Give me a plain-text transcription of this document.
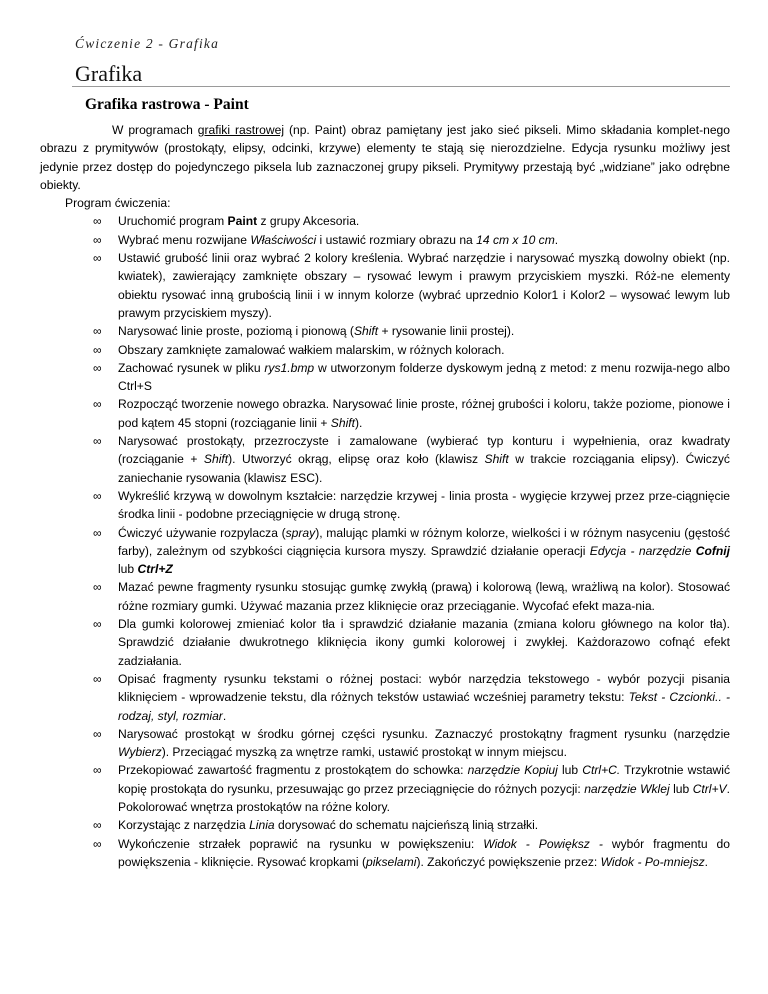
Ćwiczenie 2 - Grafika
Grafika
Grafika rastrowa - Paint

W programach grafiki rastrowej (np. Paint) obraz pamiętany jest jako sieć pikseli. Mimo składania komplet-nego obrazu z prymitywów (prostokąty, elipsy, odcinki, krzywe) elementy te stają się nierozdzielne. Edycja rysunku możliwy jest jedynie przez dostęp do pojedynczego piksela lub zaznaczonej grupy pikseli. Prymitywy przestają być „widziane” jako odrębne obiekty.

Program ćwiczenia:

∞ Uruchomić program Paint z grupy Akcesoria.
∞ Wybrać menu rozwijane Właściwości i ustawić rozmiary obrazu na 14 cm x 10 cm.
∞ Ustawić grubość linii oraz wybrać 2 kolory kreślenia. Wybrać narzędzie i narysować myszką dowolny obiekt (np. kwiatek), zawierający zamknięte obszary – rysować lewym i prawym przyciskiem myszki. Róż-ne elementy obiektu rysować inną grubością linii i w innym kolorze (wybrać uprzednio Kolor1 i Kolor2 – wysować lewym lub prawym przyciskiem myszy).
∞ Narysować linie proste, poziomą i pionową (Shift + rysowanie linii prostej).
∞ Obszary zamknięte zamalować wałkiem malarskim, w różnych kolorach.
∞ Zachować rysunek w pliku rys1.bmp w utworzonym folderze dyskowym jedną z metod: z menu rozwija-nego albo Ctrl+S
∞ Rozpocząć tworzenie nowego obrazka. Narysować linie proste, różnej grubości i koloru, także poziome, pionowe i pod kątem 45 stopni (rozciąganie linii + Shift).
∞ Narysować prostokąty, przezroczyste i zamalowane (wybierać typ konturu i wypełnienia, oraz kwadraty (rozciąganie + Shift). Utworzyć okrąg, elipsę oraz koło (klawisz Shift w trakcie rozciągania elipsy). Ćwiczyć zaniechanie rysowania (klawisz ESC).
∞ Wykreślić krzywą w dowolnym kształcie: narzędzie krzywej - linia prosta - wygięcie krzywej przez prze-ciągnięcie środka linii - podobne przeciągnięcie w drugą stronę.
∞ Ćwiczyć używanie rozpylacza (spray), malując plamki w różnym kolorze, wielkości i w różnym nasyceniu (gęstość farby), zależnym od szybkości ciągnięcia kursora myszy. Sprawdzić działanie operacji Edycja - narzędzie Cofnij lub Ctrl+Z
∞ Mazać pewne fragmenty rysunku stosując gumkę zwykłą (prawą) i kolorową (lewą, wrażliwą na kolor). Stosować różne rozmiary gumki. Używać mazania przez kliknięcie oraz przeciąganie. Wycofać efekt maza-nia.
∞ Dla gumki kolorowej zmieniać kolor tła i sprawdzić działanie mazania (zmiana koloru głównego na kolor tła). Sprawdzić działanie dwukrotnego kliknięcia ikony gumki kolorowej i zwykłej. Każdorazowo cofnąć efekt zadziałania.
∞ Opisać fragmenty rysunku tekstami o różnej postaci: wybór narzędzia tekstowego - wybór pozycji pisania kliknięciem - wprowadzenie tekstu, dla różnych tekstów ustawiać wcześniej parametry tekstu: Tekst - Czcionki.. - rodzaj, styl, rozmiar.
∞ Narysować prostokąt w środku górnej części rysunku. Zaznaczyć prostokątny fragment rysunku (narzędzie Wybierz). Przeciągać myszką za wnętrze ramki, ustawić prostokąt w innym miejscu.
∞ Przekopiować zawartość fragmentu z prostokątem do schowka: narzędzie Kopiuj lub Ctrl+C. Trzykrotnie wstawić kopię prostokąta do rysunku, przesuwając go przez przeciągnięcie do różnych pozycji: narzędzie Wklej lub Ctrl+V. Pokolorować wnętrza prostokątów na różne kolory.
∞ Korzystając z narzędzia Linia dorysować do schematu najcieńszą linią strzałki.
∞ Wykończenie strzałek poprawić na rysunku w powiększeniu: Widok - Powiększ - wybór fragmentu do powiększenia - kliknięcie. Rysować kropkami (pikselami). Zakończyć powiększenie przez: Widok - Po-mniejsz.
